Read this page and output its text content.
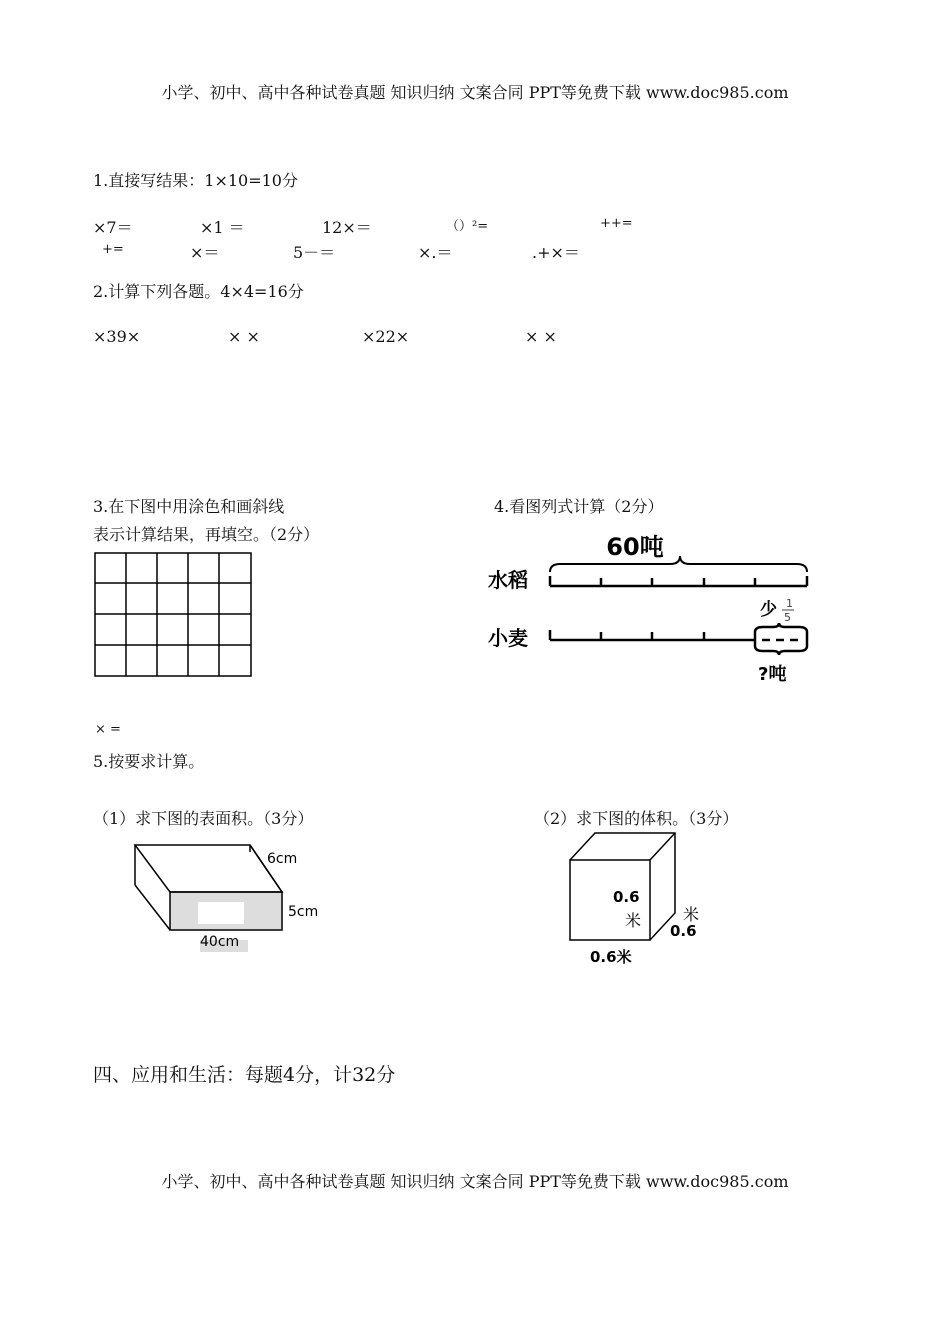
小学、初中、高中各种试卷真题 知识归纳 文案合同 PPT等免费下载 www.doc985.com
1.直接写结果：1×10=10分
×7＝	×1 ＝	12×＝	（）²=	++=
+=	×＝	5－＝	×.＝	.+×＝
2.计算下列各题。4×4=16分
×39×	× ×	×22×	× ×
3.在下图中用涂色和画斜线
表示计算结果，再填空。（2分）
× =
4.看图列式计算（2分）
60吨
水稻
少 1
5
小麦
?吨
5.按要求计算。
（1）求下图的表面积。（3分）
6cm
5cm
40cm
（2）求下图的体积。（3分）
0.6
米	米
0.6
0.6米
四、应用和生活：每题4分，计32分
小学、初中、高中各种试卷真题 知识归纳 文案合同 PPT等免费下载 www.doc985.com
